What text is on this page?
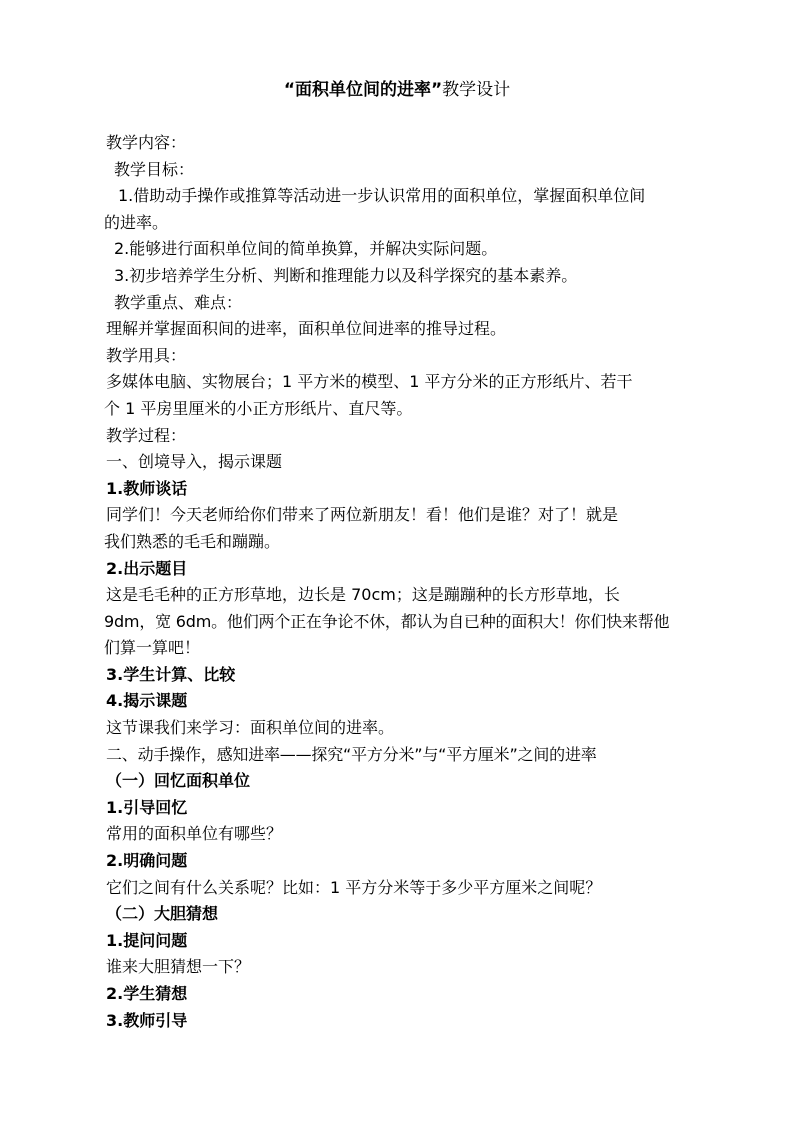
“面积单位间的进率”教学设计

教学内容：

教学目标：

1.借助动手操作或推算等活动进一步认识常用的面积单位，掌握面积单位间

的进率。

2.能够进行面积单位间的简单换算，并解决实际问题。

3.初步培养学生分析、判断和推理能力以及科学探究的基本素养。

教学重点、难点：

理解并掌握面积间的进率，面积单位间进率的推导过程。

教学用具：

多媒体电脑、实物展台；1 平方米的模型、1 平方分米的正方形纸片、若干

个 1 平房里厘米的小正方形纸片、直尺等。

教学过程：

一、创境导入，揭示课题

1.教师谈话

同学们！今天老师给你们带来了两位新朋友！看！他们是谁？对了！就是

我们熟悉的毛毛和蹦蹦。

2.出示题目

这是毛毛种的正方形草地，边长是 70cm；这是蹦蹦种的长方形草地，长

9dm，宽 6dm。他们两个正在争论不休，都认为自已种的面积大！你们快来帮他

们算一算吧！

3.学生计算、比较

4.揭示课题

这节课我们来学习：面积单位间的进率。

二、动手操作，感知进率——探究“平方分米”与“平方厘米”之间的进率

（一）回忆面积单位

1.引导回忆

常用的面积单位有哪些？

2.明确问题

它们之间有什么关系呢？比如：1 平方分米等于多少平方厘米之间呢？

（二）大胆猜想

1.提问问题

谁来大胆猜想一下？

2.学生猜想

3.教师引导
